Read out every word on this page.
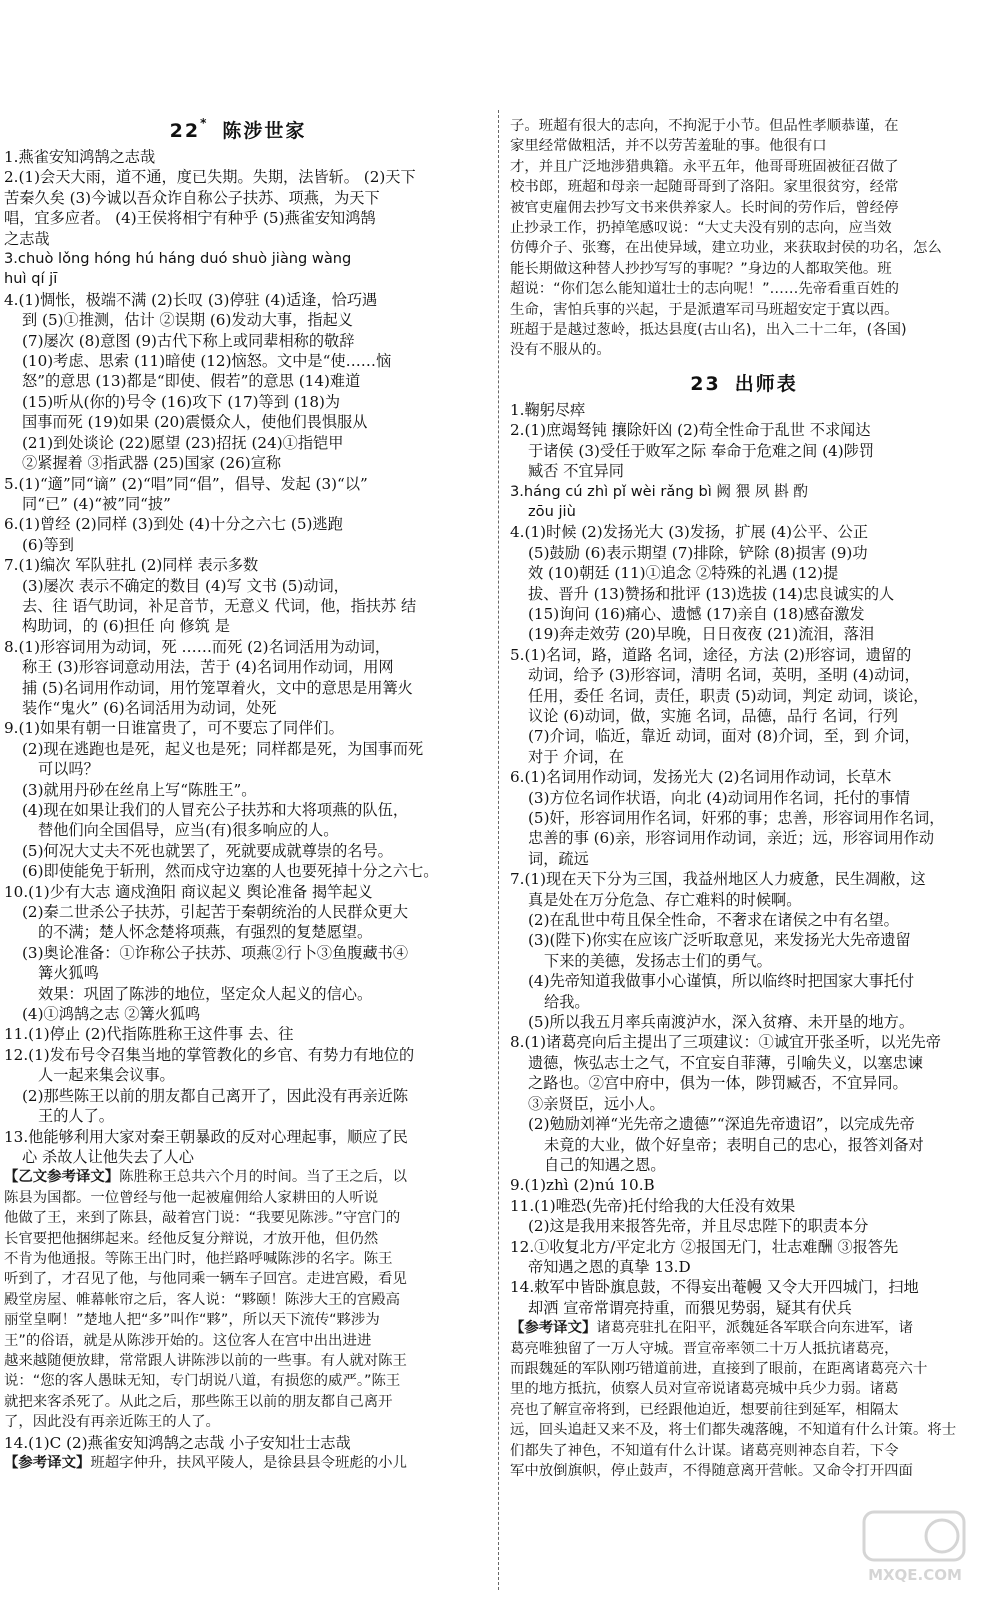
22* 陈涉世家
1.燕雀安知鸿鹄之志哉
2.(1)会天大雨，道不通，度已失期。失期，法皆斩。 (2)天下
苦秦久矣 (3)今诚以吾众诈自称公子扶苏、项燕，为天下
唱，宜多应者。 (4)王侯将相宁有种乎 (5)燕雀安知鸿鹄
之志哉
3.chuò lǒng hóng hú háng duó shuò jiàng wàng
huì qí jī
4.(1)惆怅，极端不满 (2)长叹 (3)停驻 (4)适逢，恰巧遇
到 (5)①推测，估计 ②误期 (6)发动大事，指起义
(7)屡次 (8)意图 (9)古代下称上或同辈相称的敬辞
(10)考虑、思索 (11)暗使 (12)恼怒。文中是“使……恼
怒”的意思 (13)都是“即使、假若”的意思 (14)难道
(15)听从(你的)号令 (16)攻下 (17)等到 (18)为
国事而死 (19)如果 (20)震慑众人，使他们畏惧服从
(21)到处谈论 (22)愿望 (23)招抚 (24)①指铠甲
②紧握着 ③指武器 (25)国家 (26)宣称
5.(1)“適”同“谪” (2)“唱”同“倡”，倡导、发起 (3)“以”
同“已” (4)“被”同“披”
6.(1)曾经 (2)同样 (3)到处 (4)十分之六七 (5)逃跑
(6)等到
7.(1)编次 军队驻扎 (2)同样 表示多数
(3)屡次 表示不确定的数目 (4)写 文书 (5)动词，
去、往 语气助词，补足音节，无意义 代词，他，指扶苏 结
构助词，的 (6)担任 向 修筑 是
8.(1)形容词用为动词，死 ……而死 (2)名词活用为动词，
称王 (3)形容词意动用法，苦于 (4)名词用作动词，用网
捕 (5)名词用作动词，用竹笼罩着火，文中的意思是用篝火
装作“鬼火” (6)名词活用为动词，处死
9.(1)如果有朝一日谁富贵了，可不要忘了同伴们。
(2)现在逃跑也是死，起义也是死；同样都是死，为国事而死
可以吗？
(3)就用丹砂在丝帛上写“陈胜王”。
(4)现在如果让我们的人冒充公子扶苏和大将项燕的队伍，
替他们向全国倡导，应当(有)很多响应的人。
(5)何况大丈夫不死也就罢了，死就要成就尊崇的名号。
(6)即使能免于斩刑，然而戍守边塞的人也要死掉十分之六七。
10.(1)少有大志 適戍渔阳 商议起义 舆论准备 揭竿起义
(2)秦二世杀公子扶苏，引起苦于秦朝统治的人民群众更大
的不满；楚人怀念楚将项燕，有强烈的复楚愿望。
(3)奥论准备：①诈称公子扶苏、项燕②行卜③鱼腹藏书④
篝火狐鸣
效果：巩固了陈涉的地位，坚定众人起义的信心。
(4)①鸿鹄之志 ②篝火狐鸣
11.(1)停止 (2)代指陈胜称王这件事 去、往
12.(1)发布号令召集当地的掌管教化的乡官、有势力有地位的
人一起来集会议事。
(2)那些陈王以前的朋友都自己离开了，因此没有再亲近陈
王的人了。
13.他能够利用大家对秦王朝暴政的反对心理起事，顺应了民
心 杀故人让他失去了人心
【乙文参考译文】陈胜称王总共六个月的时间。当了王之后，以
陈县为国都。一位曾经与他一起被雇佣给人家耕田的人听说
他做了王，来到了陈县，敲着宫门说：“我要见陈涉。”守宫门的
长官要把他捆绑起来。经他反复分辩说，才放开他，但仍然
不肯为他通报。等陈王出门时，他拦路呼喊陈涉的名字。陈王
听到了，才召见了他，与他同乘一辆车子回宫。走进宫殿，看见
殿堂房屋、帷幕帐帘之后，客人说：“夥颐！陈涉大王的宫殿高
丽堂皇啊！”楚地人把“多”叫作“夥”，所以天下流传“夥涉为
王”的俗语，就是从陈涉开始的。这位客人在宫中出出进进
越来越随便放肆，常常跟人讲陈涉以前的一些事。有人就对陈王
说：“您的客人愚昧无知，专门胡说八道，有损您的威严。”陈王
就把来客杀死了。从此之后，那些陈王以前的朋友都自己离开
了，因此没有再亲近陈王的人了。
14.(1)C (2)燕雀安知鸿鹄之志哉 小子安知壮士志哉
【参考译文】班超字仲升，扶风平陵人，是徐县县令班彪的小儿
子。班超有很大的志向，不拘泥于小节。但品性孝顺恭谨，在
家里经常做粗活，并不以劳苦羞耻的事。他很有口
才，并且广泛地涉猎典籍。永平五年，他哥哥班固被征召做了
校书郎，班超和母亲一起随哥哥到了洛阳。家里很贫穷，经常
被官吏雇佣去抄写文书来供养家人。长时间的劳作后，曾经停
止抄录工作，扔掉笔感叹说：“大丈夫没有别的志向，应当效
仿傅介子、张骞，在出使异域，建立功业，来获取封侯的功名，怎么
能长期做这种替人抄抄写写的事呢？”身边的人都取笑他。班
超说：“你们怎么能知道壮士的志向呢！”……先帝看重百姓的
生命，害怕兵事的兴起，于是派遣军司马班超安定于寘以西。
班超于是越过葱岭，抵达县度(古山名)，出入二十二年，(各国)
没有不服从的。
23 出师表
1.鞠躬尽瘁
2.(1)庶竭驽钝 攘除奸凶 (2)苟全性命于乱世 不求闻达
于诸侯 (3)受任于败军之际 奉命于危难之间 (4)陟罚
臧否 不宜异同
3.háng cú zhì pǐ wèi rǎng bì 阙 猥 夙 斟 酌
zōu jiù
4.(1)时候 (2)发扬光大 (3)发扬，扩展 (4)公平、公正
(5)鼓励 (6)表示期望 (7)排除，铲除 (8)损害 (9)功
效 (10)朝廷 (11)①追念 ②特殊的礼遇 (12)提
拔、晋升 (13)赞扬和批评 (13)选拔 (14)忠良诚实的人
(15)询问 (16)痛心、遗憾 (17)亲自 (18)感奋激发
(19)奔走效劳 (20)早晚，日日夜夜 (21)流泪，落泪
5.(1)名词，路，道路 名词，途径，方法 (2)形容词，遗留的
动词，给予 (3)形容词，清明 名词，英明，圣明 (4)动词，
任用，委任 名词，责任，职责 (5)动词，判定 动词，谈论，
议论 (6)动词，做，实施 名词，品德，品行 名词，行列
(7)介词，临近，靠近 动词，面对 (8)介词，至，到 介词，
对于 介词，在
6.(1)名词用作动词，发扬光大 (2)名词用作动词，长草木
(3)方位名词作状语，向北 (4)动词用作名词，托付的事情
(5)奸，形容词用作名词，奸邪的事；忠善，形容词用作名词，
忠善的事 (6)亲，形容词用作动词，亲近；远，形容词用作动
词，疏远
7.(1)现在天下分为三国，我益州地区人力疲惫，民生凋敝，这
真是处在万分危急、存亡难料的时候啊。
(2)在乱世中苟且保全性命，不奢求在诸侯之中有名望。
(3)(陛下)你实在应该广泛听取意见，来发扬光大先帝遗留
下来的美德，发扬志士们的勇气。
(4)先帝知道我做事小心谨慎，所以临终时把国家大事托付
给我。
(5)所以我五月率兵南渡泸水，深入贫瘠、未开垦的地方。
8.(1)诸葛亮向后主提出了三项建议：①诚宜开张圣听，以光先帝
遗德，恢弘志士之气，不宜妄自菲薄，引喻失义，以塞忠谏
之路也。②宫中府中，俱为一体，陟罚臧否，不宜异同。
③亲贤臣，远小人。
(2)勉励刘禅“光先帝之遗德”“深追先帝遗诏”，以完成先帝
未竟的大业，做个好皇帝；表明自己的忠心，报答刘备对
自己的知遇之恩。
9.(1)zhì (2)nú 10.B
11.(1)唯恐(先帝)托付给我的大任没有效果
(2)这是我用来报答先帝，并且尽忠陛下的职责本分
12.①收复北方/平定北方 ②报国无门，壮志难酬 ③报答先
帝知遇之恩的真挚 13.D
14.敕军中皆卧旗息鼓，不得妄出菴幔 又令大开四城门，扫地
却洒 宣帝常谓亮持重，而猥见势弱，疑其有伏兵
【参考译文】诸葛亮驻扎在阳平，派魏延各军联合向东进军，诸
葛亮唯独留了一万人守城。晋宣帝率领二十万人抵抗诸葛亮，
而跟魏延的军队刚巧错道前进，直接到了眼前，在距离诸葛亮六十
里的地方抵抗，侦察人员对宣帝说诸葛亮城中兵少力弱。诸葛
亮也了解宣帝将到，已经跟他迫近，想要前往到延军，相隔太
远，回头追赶又来不及，将士们都失魂落魄，不知道有什么计策。将士
们都失了神色，不知道有什么计谋。诸葛亮则神态自若，下令
军中放倒旗帜，停止鼓声，不得随意离开营帐。又命令打开四面
MXQE.COM
